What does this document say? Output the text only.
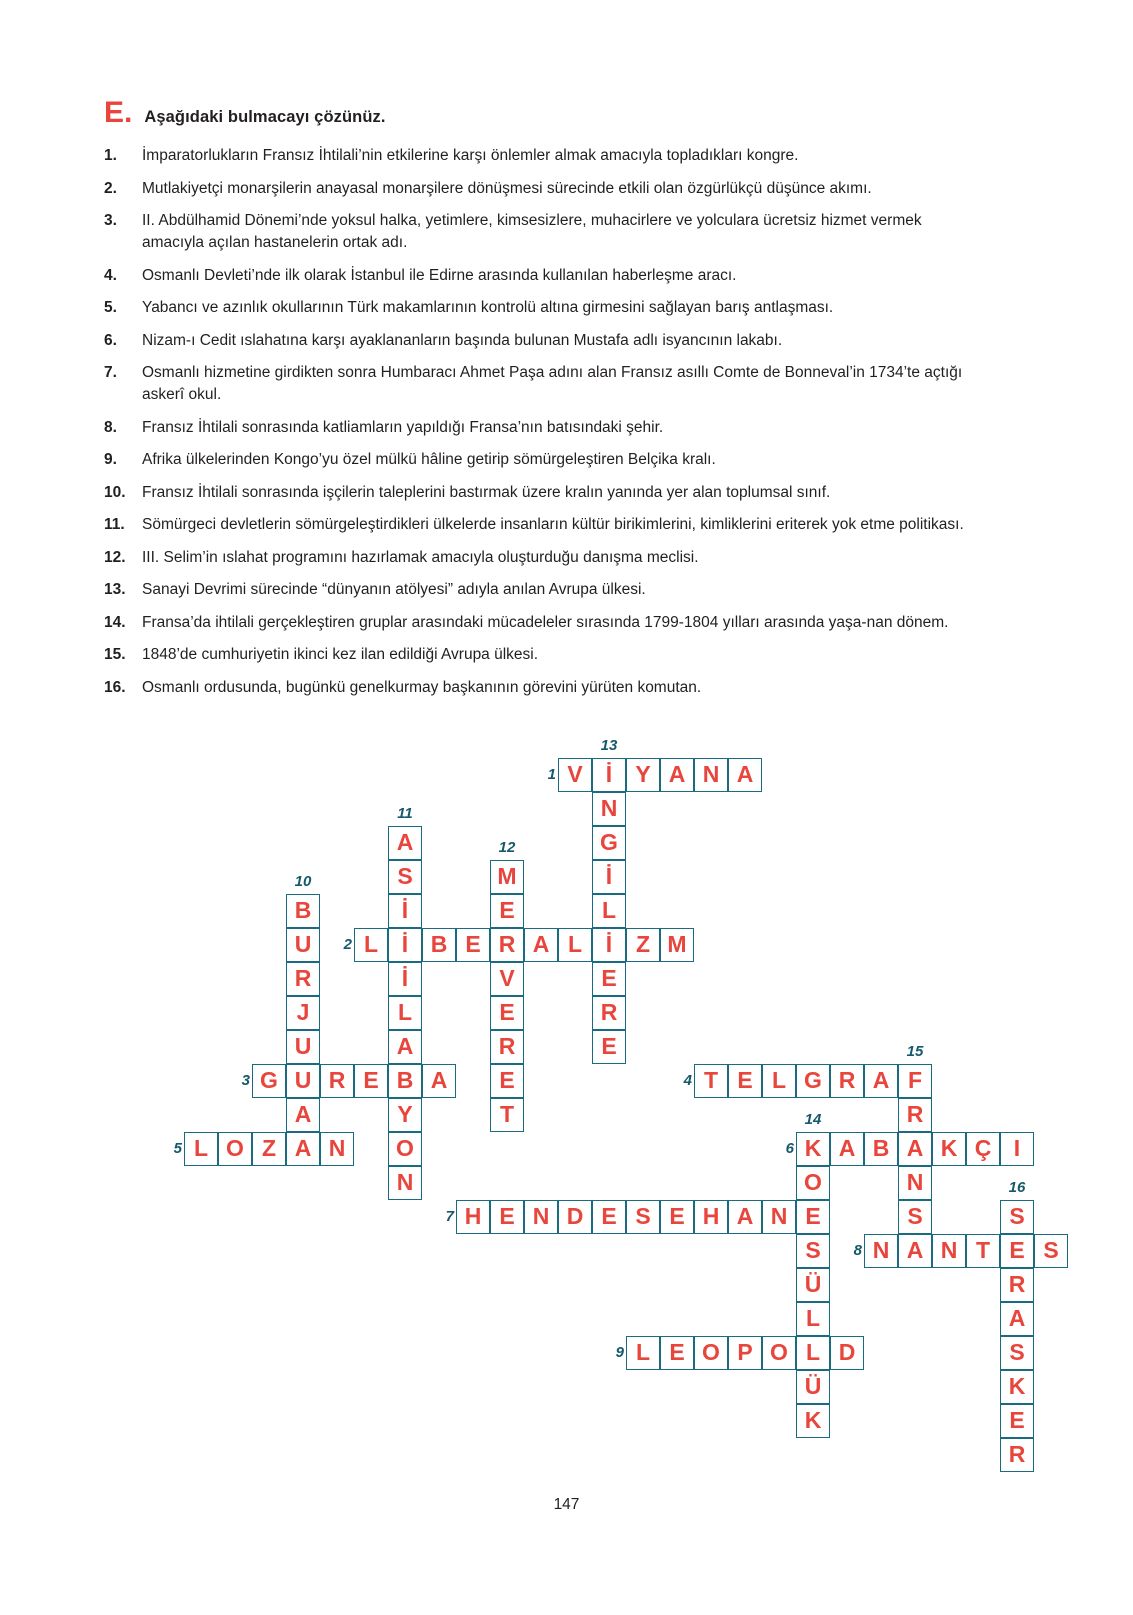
E. Aşağıdaki bulmacayı çözünüz.
1.	İmparatorlukların Fransız İhtilali’nin etkilerine karşı önlemler almak amacıyla topladıkları kongre.
2.	Mutlakiyetçi monarşilerin anayasal monarşilere dönüşmesi sürecinde etkili olan özgürlükçü düşünce akımı.
3.	II. Abdülhamid Dönemi’nde yoksul halka, yetimlere, kimsesizlere, muhacirlere ve yolculara ücretsiz hizmet vermek amacıyla açılan hastanelerin ortak adı.
4.	Osmanlı Devleti’nde ilk olarak İstanbul ile Edirne arasında kullanılan haberleşme aracı.
5.	Yabancı ve azınlık okullarının Türk makamlarının kontrolü altına girmesini sağlayan barış antlaşması.
6.	Nizam-ı Cedit ıslahatına karşı ayaklananların başında bulunan Mustafa adlı isyancının lakabı.
7.	Osmanlı hizmetine girdikten sonra Humbaracı Ahmet Paşa adını alan Fransız asıllı Comte de Bonneval’in 1734’te açtığı askerî okul.
8.	Fransız İhtilali sonrasında katliamların yapıldığı Fransa’nın batısındaki şehir.
9.	Afrika ülkelerinden Kongo’yu özel mülkü hâline getirip sömürgeleştiren Belçika kralı.
10.	Fransız İhtilali sonrasında işçilerin taleplerini bastırmak üzere kralın yanında yer alan toplumsal sınıf.
11.	Sömürgeci devletlerin sömürgeleştirdikleri ülkelerde insanların kültür birikimlerini, kimliklerini eriterek yok etme politikası.
12.	III. Selim’in ıslahat programını hazırlamak amacıyla oluşturduğu danışma meclisi.
13.	Sanayi Devrimi sürecinde “dünyanın atölyesi” adıyla anılan Avrupa ülkesi.
14.	Fransa’da ihtilali gerçekleştiren gruplar arasındaki mücadeleler sırasında 1799-1804 yılları arasında yaşa-nan dönem.
15.	1848’de cumhuriyetin ikinci kez ilan edildiği Avrupa ülkesi.
16.	Osmanlı ordusunda, bugünkü genelkurmay başkanının görevini yürüten komutan.
V	İ	Y A N A
N
G
İ
L
İ
E
R
E
A
S
İ
İ
İ
L
A
B
Y
O
N
M
E
R
V
E
R
E
T
B
U
R
J
U
U
A
L	B E	A L	Z M
G	R E	A	T E L G R A F
R
A
N
S
A
L O Z A N	K A B	K Ç I
O
E
S
Ü
L
L
Ü
K
H E N D E S E H A N	S
E
R
A
S
K
E
R
N	N T	S
L E O P O	D
1
13
11
12
10
2
3	4
15
5	6
14
7
16
8
9
147
